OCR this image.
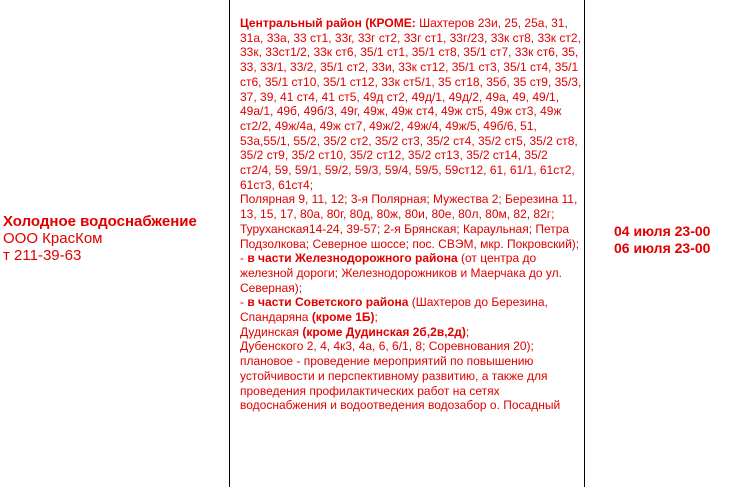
Холодное водоснабжение
ООО КрасКом
т 211-39-63
Центральный район (КРОМЕ: Шахтеров 23и, 25, 25а, 31, 31а, 33а, 33 ст1, 33г, 33г ст2, 33г ст1, 33г/23, 33к ст8, 33к ст2, 33к, 33ст1/2, 33к ст6, 35/1 ст1, 35/1 ст8, 35/1 ст7, 33к ст6, 35, 33, 33/1, 33/2, 35/1 ст2, 33и, 33к ст12, 35/1 ст3, 35/1 ст4, 35/1 ст6, 35/1 ст10, 35/1 ст12, 33к ст5/1, 35 ст18, 35б, 35 ст9, 35/3, 37, 39, 41 ст4, 41 ст5, 49д ст2, 49д/1, 49д/2, 49а, 49, 49/1, 49а/1, 49б, 49б/3, 49г, 49ж, 49ж ст4, 49ж ст5, 49ж ст3, 49ж ст2/2, 49ж/4а, 49ж ст7, 49ж/2, 49ж/4, 49ж/5, 49б/6, 51, 53а,55/1, 55/2, 35/2 ст2, 35/2 ст3, 35/2 ст4, 35/2 ст5, 35/2 ст8, 35/2 ст9, 35/2 ст10, 35/2 ст12, 35/2 ст13, 35/2 ст14, 35/2 ст2/4, 59, 59/1, 59/2, 59/3, 59/4, 59/5, 59ст12, 61, 61/1, 61ст2, 61ст3, 61ст4;
Полярная 9, 11, 12; 3-я Полярная; Мужества 2; Березина 11, 13, 15, 17, 80а, 80г, 80д, 80ж, 80и, 80е, 80л, 80м, 82, 82г; Туруханская14-24, 39-57; 2-я Брянская; Караульная; Петра Подзолкова; Северное шоссе; пос. СВЭМ, мкр. Покровский);
- в части Железнодорожного района (от центра до железной дороги; Железнодорожников и Маерчака до ул. Северная);
- в части Советского района (Шахтеров до Березина, Спандаряна (кроме 1Б);
Дудинская (кроме Дудинская 2б,2в,2д);
Дубенского 2, 4, 4к3, 4а, 6, 6/1, 8; Соревнования 20);
плановое - проведение мероприятий по повышению устойчивости и перспективному развитию, а также для проведения профилактических работ на сетях водоснабжения и водоотведения водозабор о. Посадный
04 июля 23-00
06 июля 23-00
